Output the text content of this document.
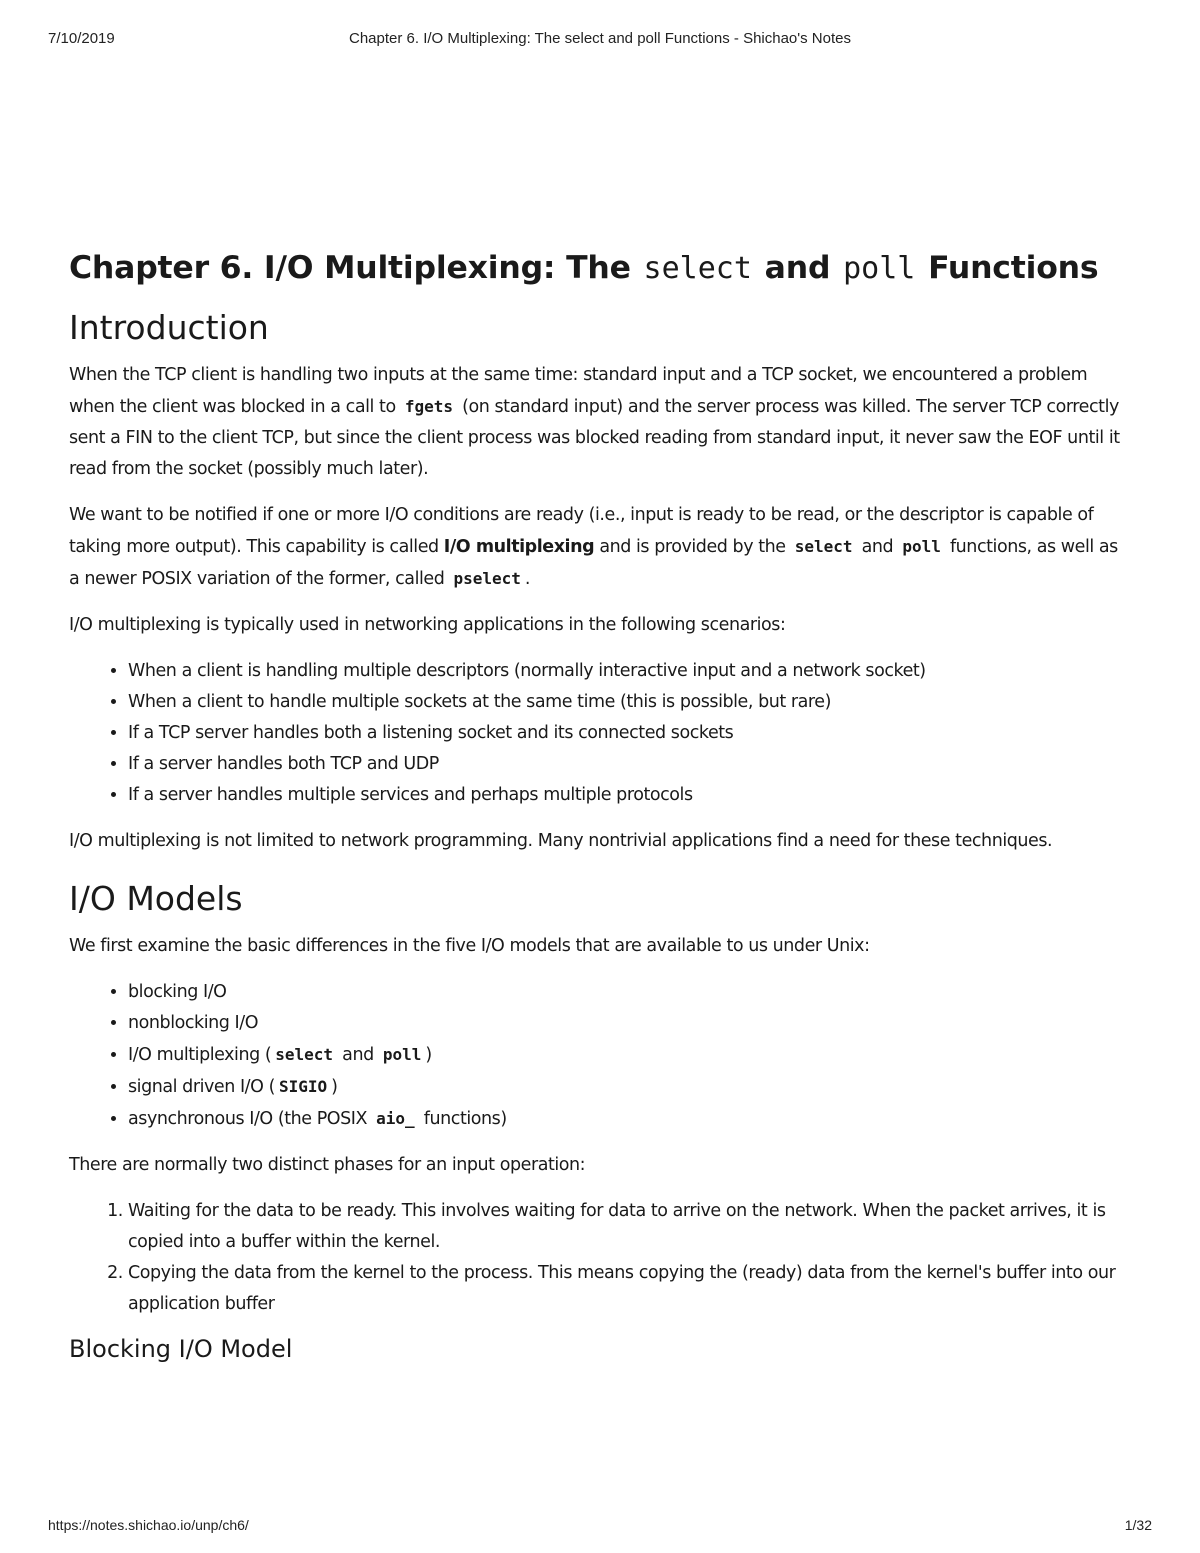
7/10/2019	Chapter 6. I/O Multiplexing: The select and poll Functions - Shichao's Notes
Chapter 6. I/O Multiplexing: The select and poll Functions
Introduction

When the TCP client is handling two inputs at the same time: standard input and a TCP socket, we encountered a problem when the client was blocked in a call to fgets (on standard input) and the server process was killed. The server TCP correctly sent a FIN to the client TCP, but since the client process was blocked reading from standard input, it never saw the EOF until it read from the socket (possibly much later).

We want to be notified if one or more I/O conditions are ready (i.e., input is ready to be read, or the descriptor is capable of taking more output). This capability is called I/O multiplexing and is provided by the select and poll functions, as well as a newer POSIX variation of the former, called pselect .

I/O multiplexing is typically used in networking applications in the following scenarios:

• When a client is handling multiple descriptors (normally interactive input and a network socket)
• When a client to handle multiple sockets at the same time (this is possible, but rare)
• If a TCP server handles both a listening socket and its connected sockets
• If a server handles both TCP and UDP
• If a server handles multiple services and perhaps multiple protocols

I/O multiplexing is not limited to network programming. Many nontrivial applications find a need for these techniques.

I/O Models

We first examine the basic differences in the five I/O models that are available to us under Unix:

• blocking I/O
• nonblocking I/O
• I/O multiplexing ( select and poll )
• signal driven I/O ( SIGIO )
• asynchronous I/O (the POSIX aio_ functions)

There are normally two distinct phases for an input operation:

1. Waiting for the data to be ready. This involves waiting for data to arrive on the network. When the packet arrives, it is copied into a buffer within the kernel.
2. Copying the data from the kernel to the process. This means copying the (ready) data from the kernel's buffer into our application buffer
Blocking I/O Model
https://notes.shichao.io/unp/ch6/	1/32
